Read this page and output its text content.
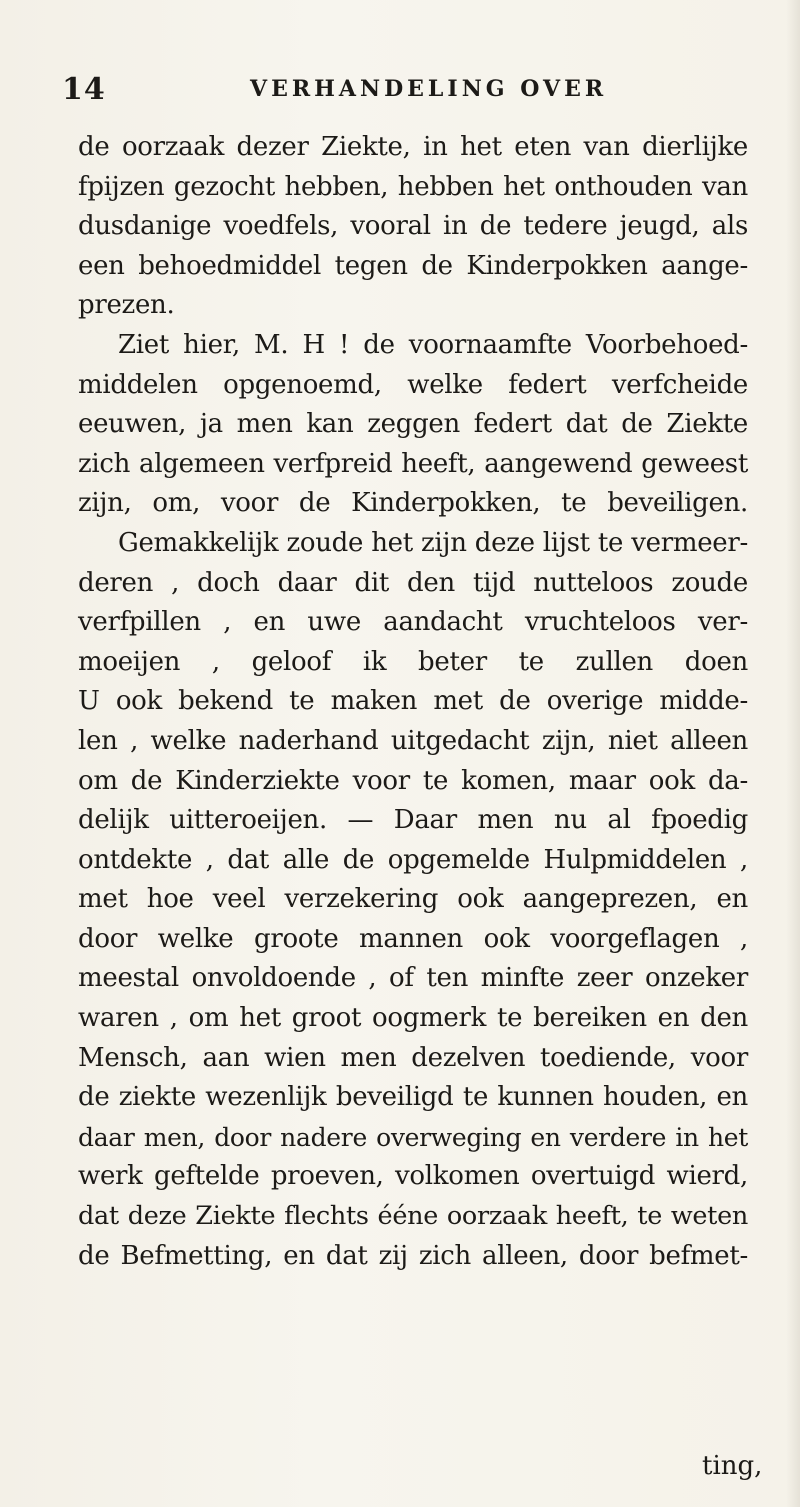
14	VERHANDELING OVER
de oorzaak dezer Ziekte, in het eten van dierlijke
fpijzen gezocht hebben, hebben het onthouden van
dusdanige voedfels, vooral in de tedere jeugd, als
een behoedmiddel tegen de Kinderpokken aange-
prezen.
Ziet hier, M. H ! de voornaamfte Voorbehoed-
middelen opgenoemd, welke federt verfcheide
eeuwen, ja men kan zeggen federt dat de Ziekte
zich algemeen verfpreid heeft, aangewend geweest
zijn, om, voor de Kinderpokken, te beveiligen.
Gemakkelijk zoude het zijn deze lijst te vermeer-
deren , doch daar dit den tijd nutteloos zoude
verfpillen , en uwe aandacht vruchteloos ver-
moeijen , geloof ik beter te zullen doen
U ook bekend te maken met de overige midde-
len , welke naderhand uitgedacht zijn, niet alleen
om de Kinderziekte voor te komen, maar ook da-
delijk uitteroeijen. — Daar men nu al fpoedig
ontdekte , dat alle de opgemelde Hulpmiddelen ,
met hoe veel verzekering ook aangeprezen, en
door welke groote mannen ook voorgeflagen ,
meestal onvoldoende , of ten minfte zeer onzeker
waren , om het groot oogmerk te bereiken en den
Mensch, aan wien men dezelven toediende, voor
de ziekte wezenlijk beveiligd te kunnen houden, en
daar men, door nadere overweging en verdere in het
werk geftelde proeven, volkomen overtuigd wierd,
dat deze Ziekte flechts ééne oorzaak heeft, te weten
de Befmetting, en dat zij zich alleen, door befmet-
ting,
